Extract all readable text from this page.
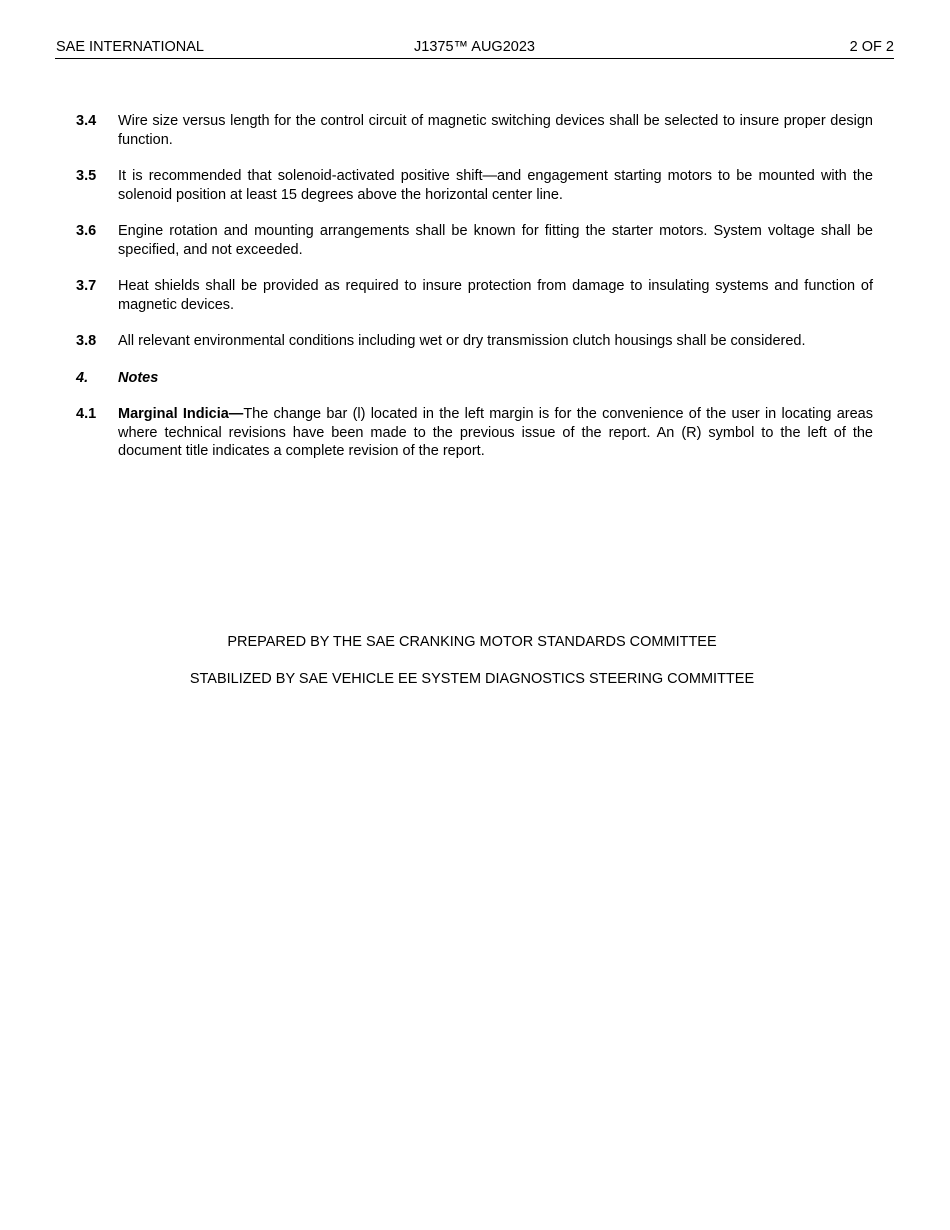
SAE INTERNATIONAL	J1375™ AUG2023	2 OF 2
3.4	Wire size versus length for the control circuit of magnetic switching devices shall be selected to insure proper design function.
3.5	It is recommended that solenoid-activated positive shift—and engagement starting motors to be mounted with the solenoid position at least 15 degrees above the horizontal center line.
3.6	Engine rotation and mounting arrangements shall be known for fitting the starter motors. System voltage shall be specified, and not exceeded.
3.7	Heat shields shall be provided as required to insure protection from damage to insulating systems and function of magnetic devices.
3.8	All relevant environmental conditions including wet or dry transmission clutch housings shall be considered.
4.	Notes
4.1	Marginal Indicia—The change bar (l) located in the left margin is for the convenience of the user in locating areas where technical revisions have been made to the previous issue of the report. An (R) symbol to the left of the document title indicates a complete revision of the report.
PREPARED BY THE SAE CRANKING MOTOR STANDARDS COMMITTEE
STABILIZED BY SAE VEHICLE EE SYSTEM DIAGNOSTICS STEERING COMMITTEE
